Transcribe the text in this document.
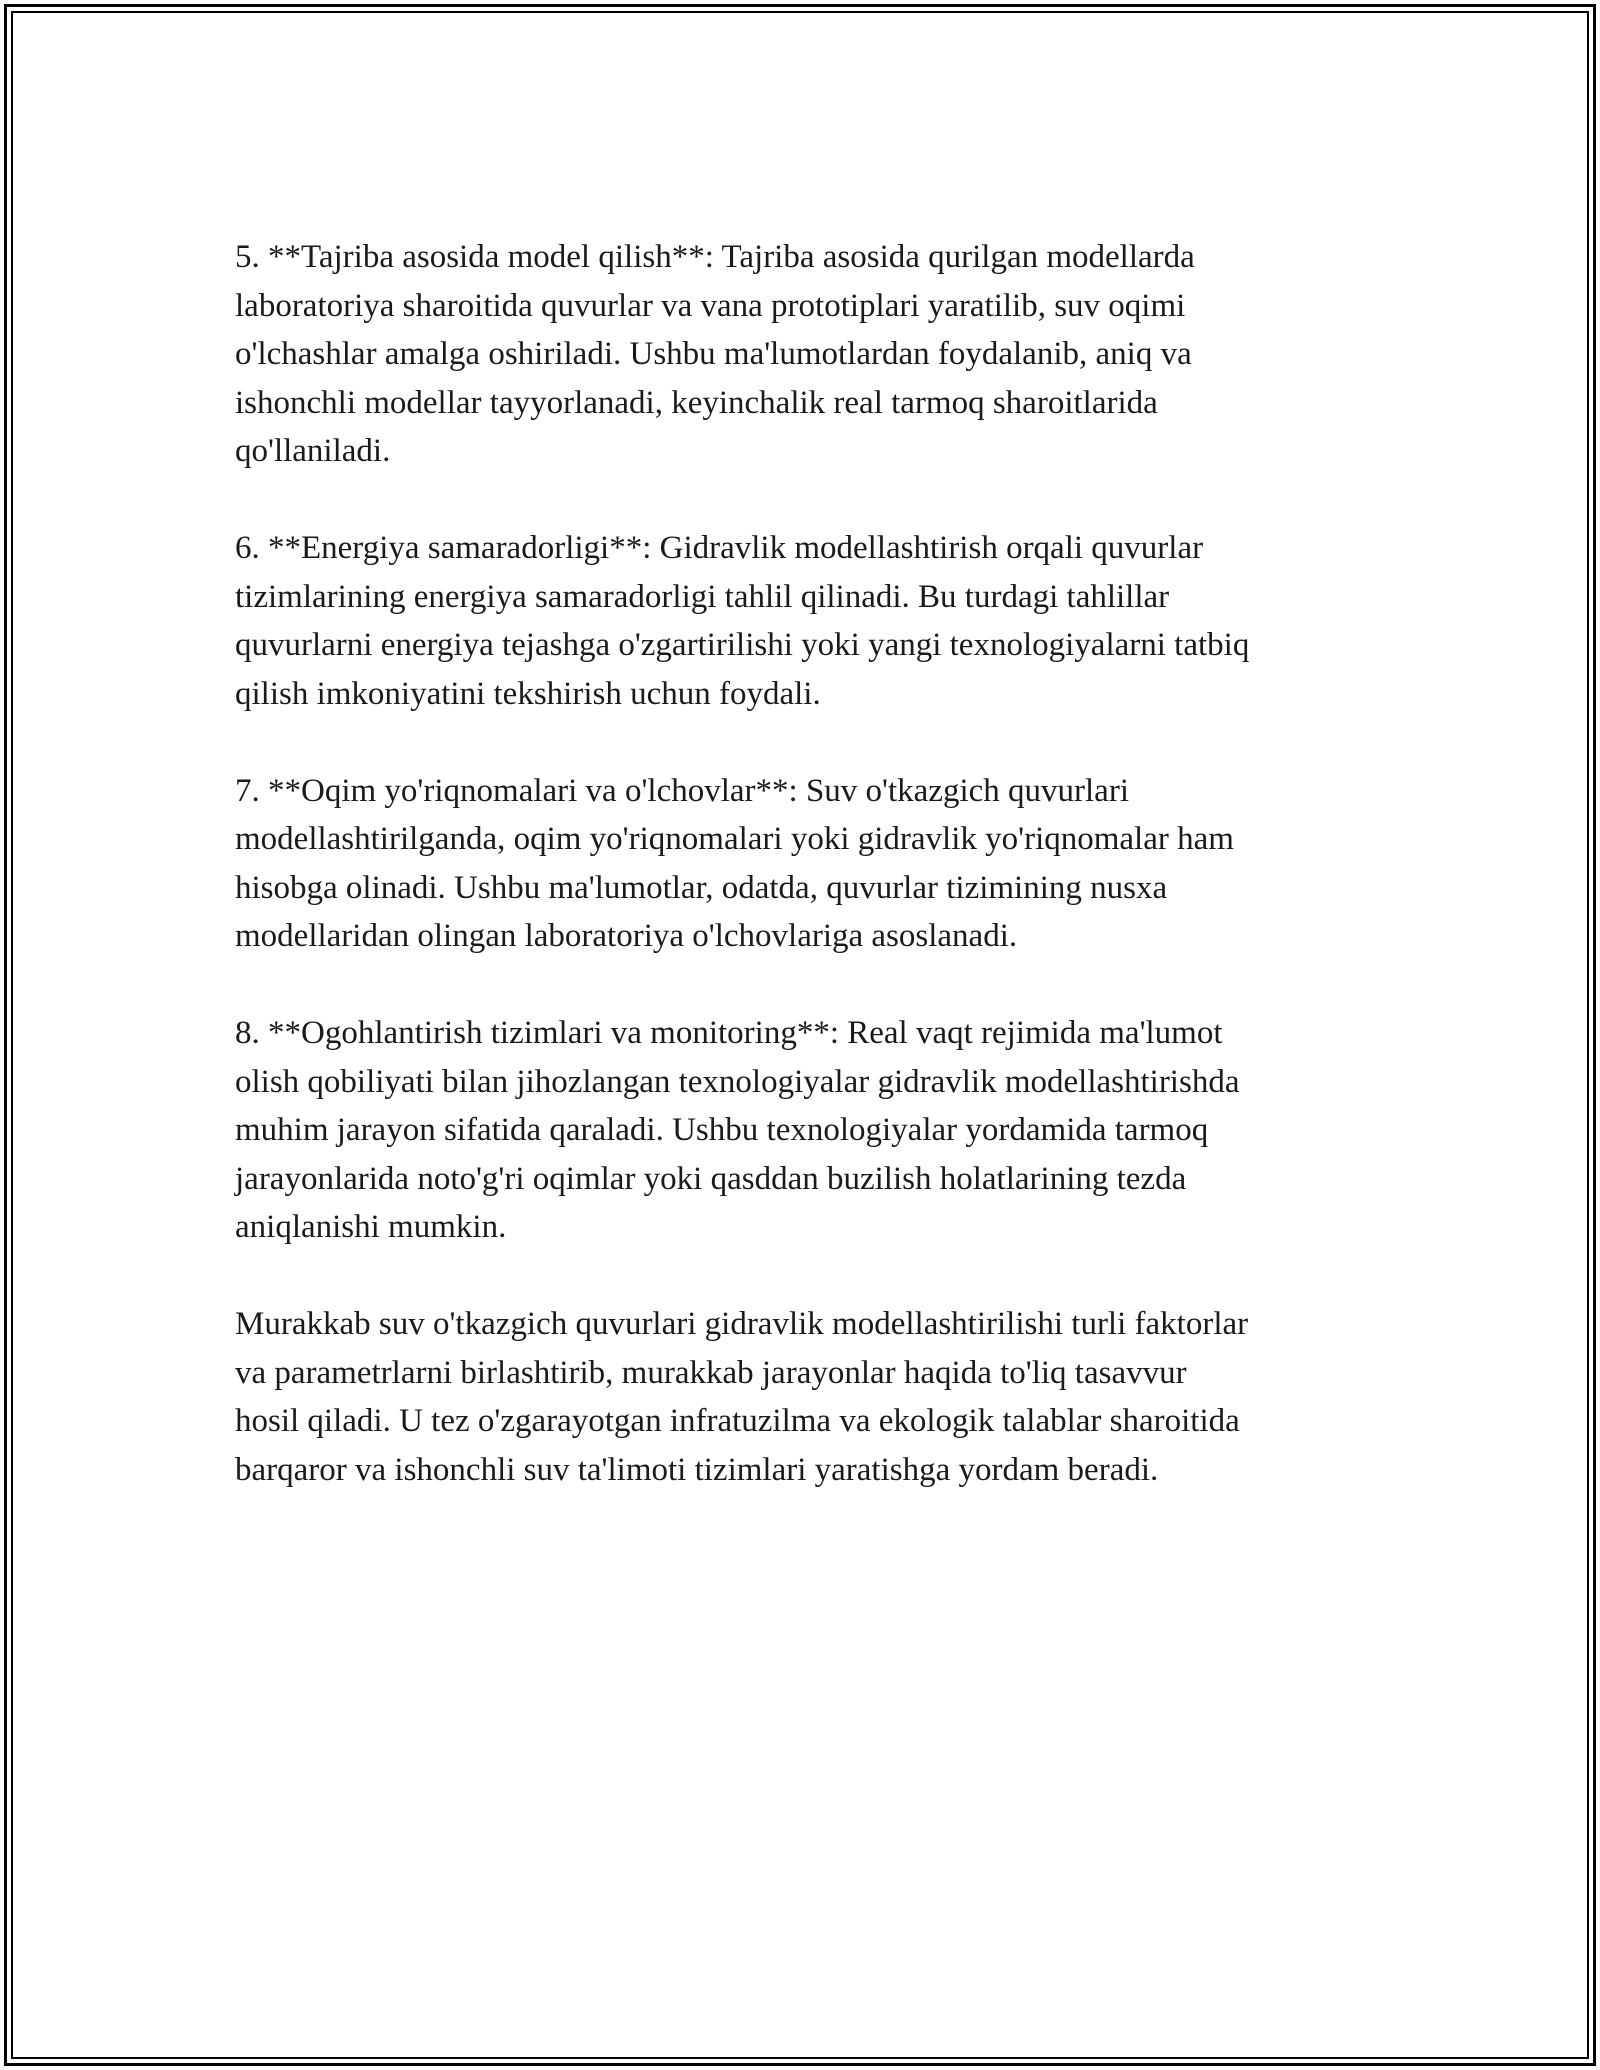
5. **Tajriba asosida model qilish**: Tajriba asosida qurilgan modellarda
laboratoriya sharoitida quvurlar va vana prototiplari yaratilib, suv oqimi
o'lchashlar amalga oshiriladi. Ushbu ma'lumotlardan foydalanib, aniq va
ishonchli modellar tayyorlanadi, keyinchalik real tarmoq sharoitlarida
qo'llaniladi.

6. **Energiya samaradorligi**: Gidravlik modellashtirish orqali quvurlar
tizimlarining energiya samaradorligi tahlil qilinadi. Bu turdagi tahlillar
quvurlarni energiya tejashga o'zgartirilishi yoki yangi texnologiyalarni tatbiq
qilish imkoniyatini tekshirish uchun foydali.

7. **Oqim yo'riqnomalari va o'lchovlar**: Suv o'tkazgich quvurlari
modellashtirilganda, oqim yo'riqnomalari yoki gidravlik yo'riqnomalar ham
hisobga olinadi. Ushbu ma'lumotlar, odatda, quvurlar tizimining nusxa
modellaridan olingan laboratoriya o'lchovlariga asoslanadi.

8. **Ogohlantirish tizimlari va monitoring**: Real vaqt rejimida ma'lumot
olish qobiliyati bilan jihozlangan texnologiyalar gidravlik modellashtirishda
muhim jarayon sifatida qaraladi. Ushbu texnologiyalar yordamida tarmoq
jarayonlarida noto'g'ri oqimlar yoki qasddan buzilish holatlarining tezda
aniqlanishi mumkin.

Murakkab suv o'tkazgich quvurlari gidravlik modellashtirilishi turli faktorlar
va parametrlarni birlashtirib, murakkab jarayonlar haqida to'liq tasavvur
hosil qiladi. U tez o'zgarayotgan infratuzilma va ekologik talablar sharoitida
barqaror va ishonchli suv ta'limoti tizimlari yaratishga yordam beradi.
